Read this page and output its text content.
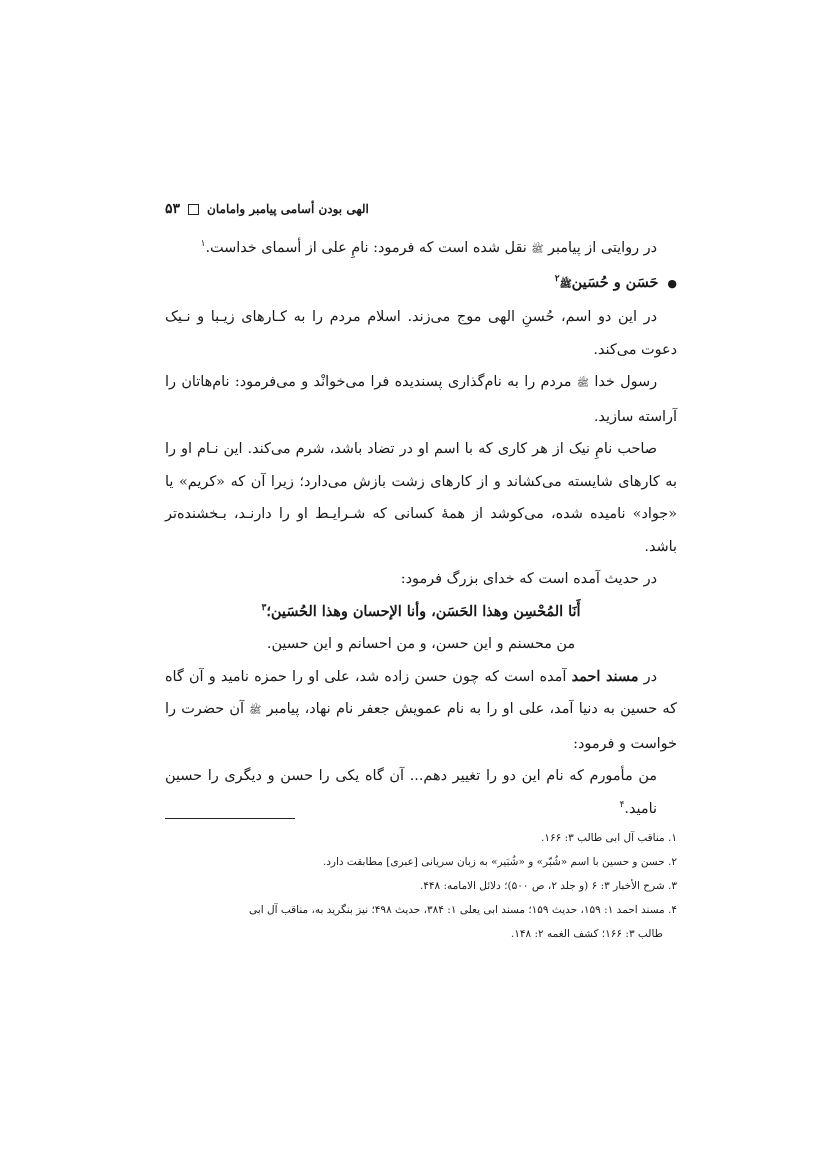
الهی بودن أسامی پیامبر وامامان
۵۳

در روایتی از پیامبر ﷺ نقل شده است که فرمود: نامِ علی از أسمای خداست.$^۱$

● حَسَن و حُسَینﷺ$^۲$

در این دو اسم، حُسنِ الهی موج می‌زند. اسلام مردم را به کـارهای زیـبا و نـیک دعوت می‌کند.

رسول خدا ﷺ مردم را به نام‌گذاری پسندیده فرا می‌خوانْد و می‌فرمود: نام‌هاتان را آراسته سازید.

صاحب نامِ نیک از هر کاری که با اسم او در تضاد باشد، شرم می‌کند. این نـام او را به کارهای شایسته می‌کشاند و از کارهای زشت بازش می‌دارد؛ زیرا آن که «کریم» یا «جواد» نامیده شده، می‌کوشد از همهٔ کسانی که شـرایـط او را دارنـد، بـخشنده‌تر باشد.

در حدیث آمده است که خدای بزرگ فرمود:

أَنَا المُحْسِن وهذا الحَسَن، وأنا الإحسان وهذا الحُسَین؛$^۳$

من محسنم و این حسن، و من احسانم و این حسین.

در مسند احمد آمده است که چون حسن زاده شد، علی او را حمزه نامید و آن گاه که حسین به دنیا آمد، علی او را به نام عمویش جعفر نام نهاد، پیامبر ﷺ آن حضرت را خواست و فرمود:

من مأمورم که نام این دو را تغییر دهم... آن گاه یکی را حسن و دیگری را حسین نامید.$^۴$

۱. مناقب آل ابی طالب ۳: ۱۶۶.

۲. حسن و حسین با اسم «شُبّر» و «شُبَیر» به زبان سریانی [عبری] مطابقت دارد.

۳. شرح الأخبار ۳: ۶ (و جلد ۲، ص ۵۰۰)؛ دلائل الامامه: ۴۴۸.

۴. مسند احمد ۱: ۱۵۹، حدیث ۱۵۹؛ مسند ابی یعلی ۱: ۳۸۴، حدیث ۴۹۸؛ نیز بنگرید به، مناقب آل ابی

طالب ۳: ۱۶۶؛ کشف الغمه ۲: ۱۴۸.
